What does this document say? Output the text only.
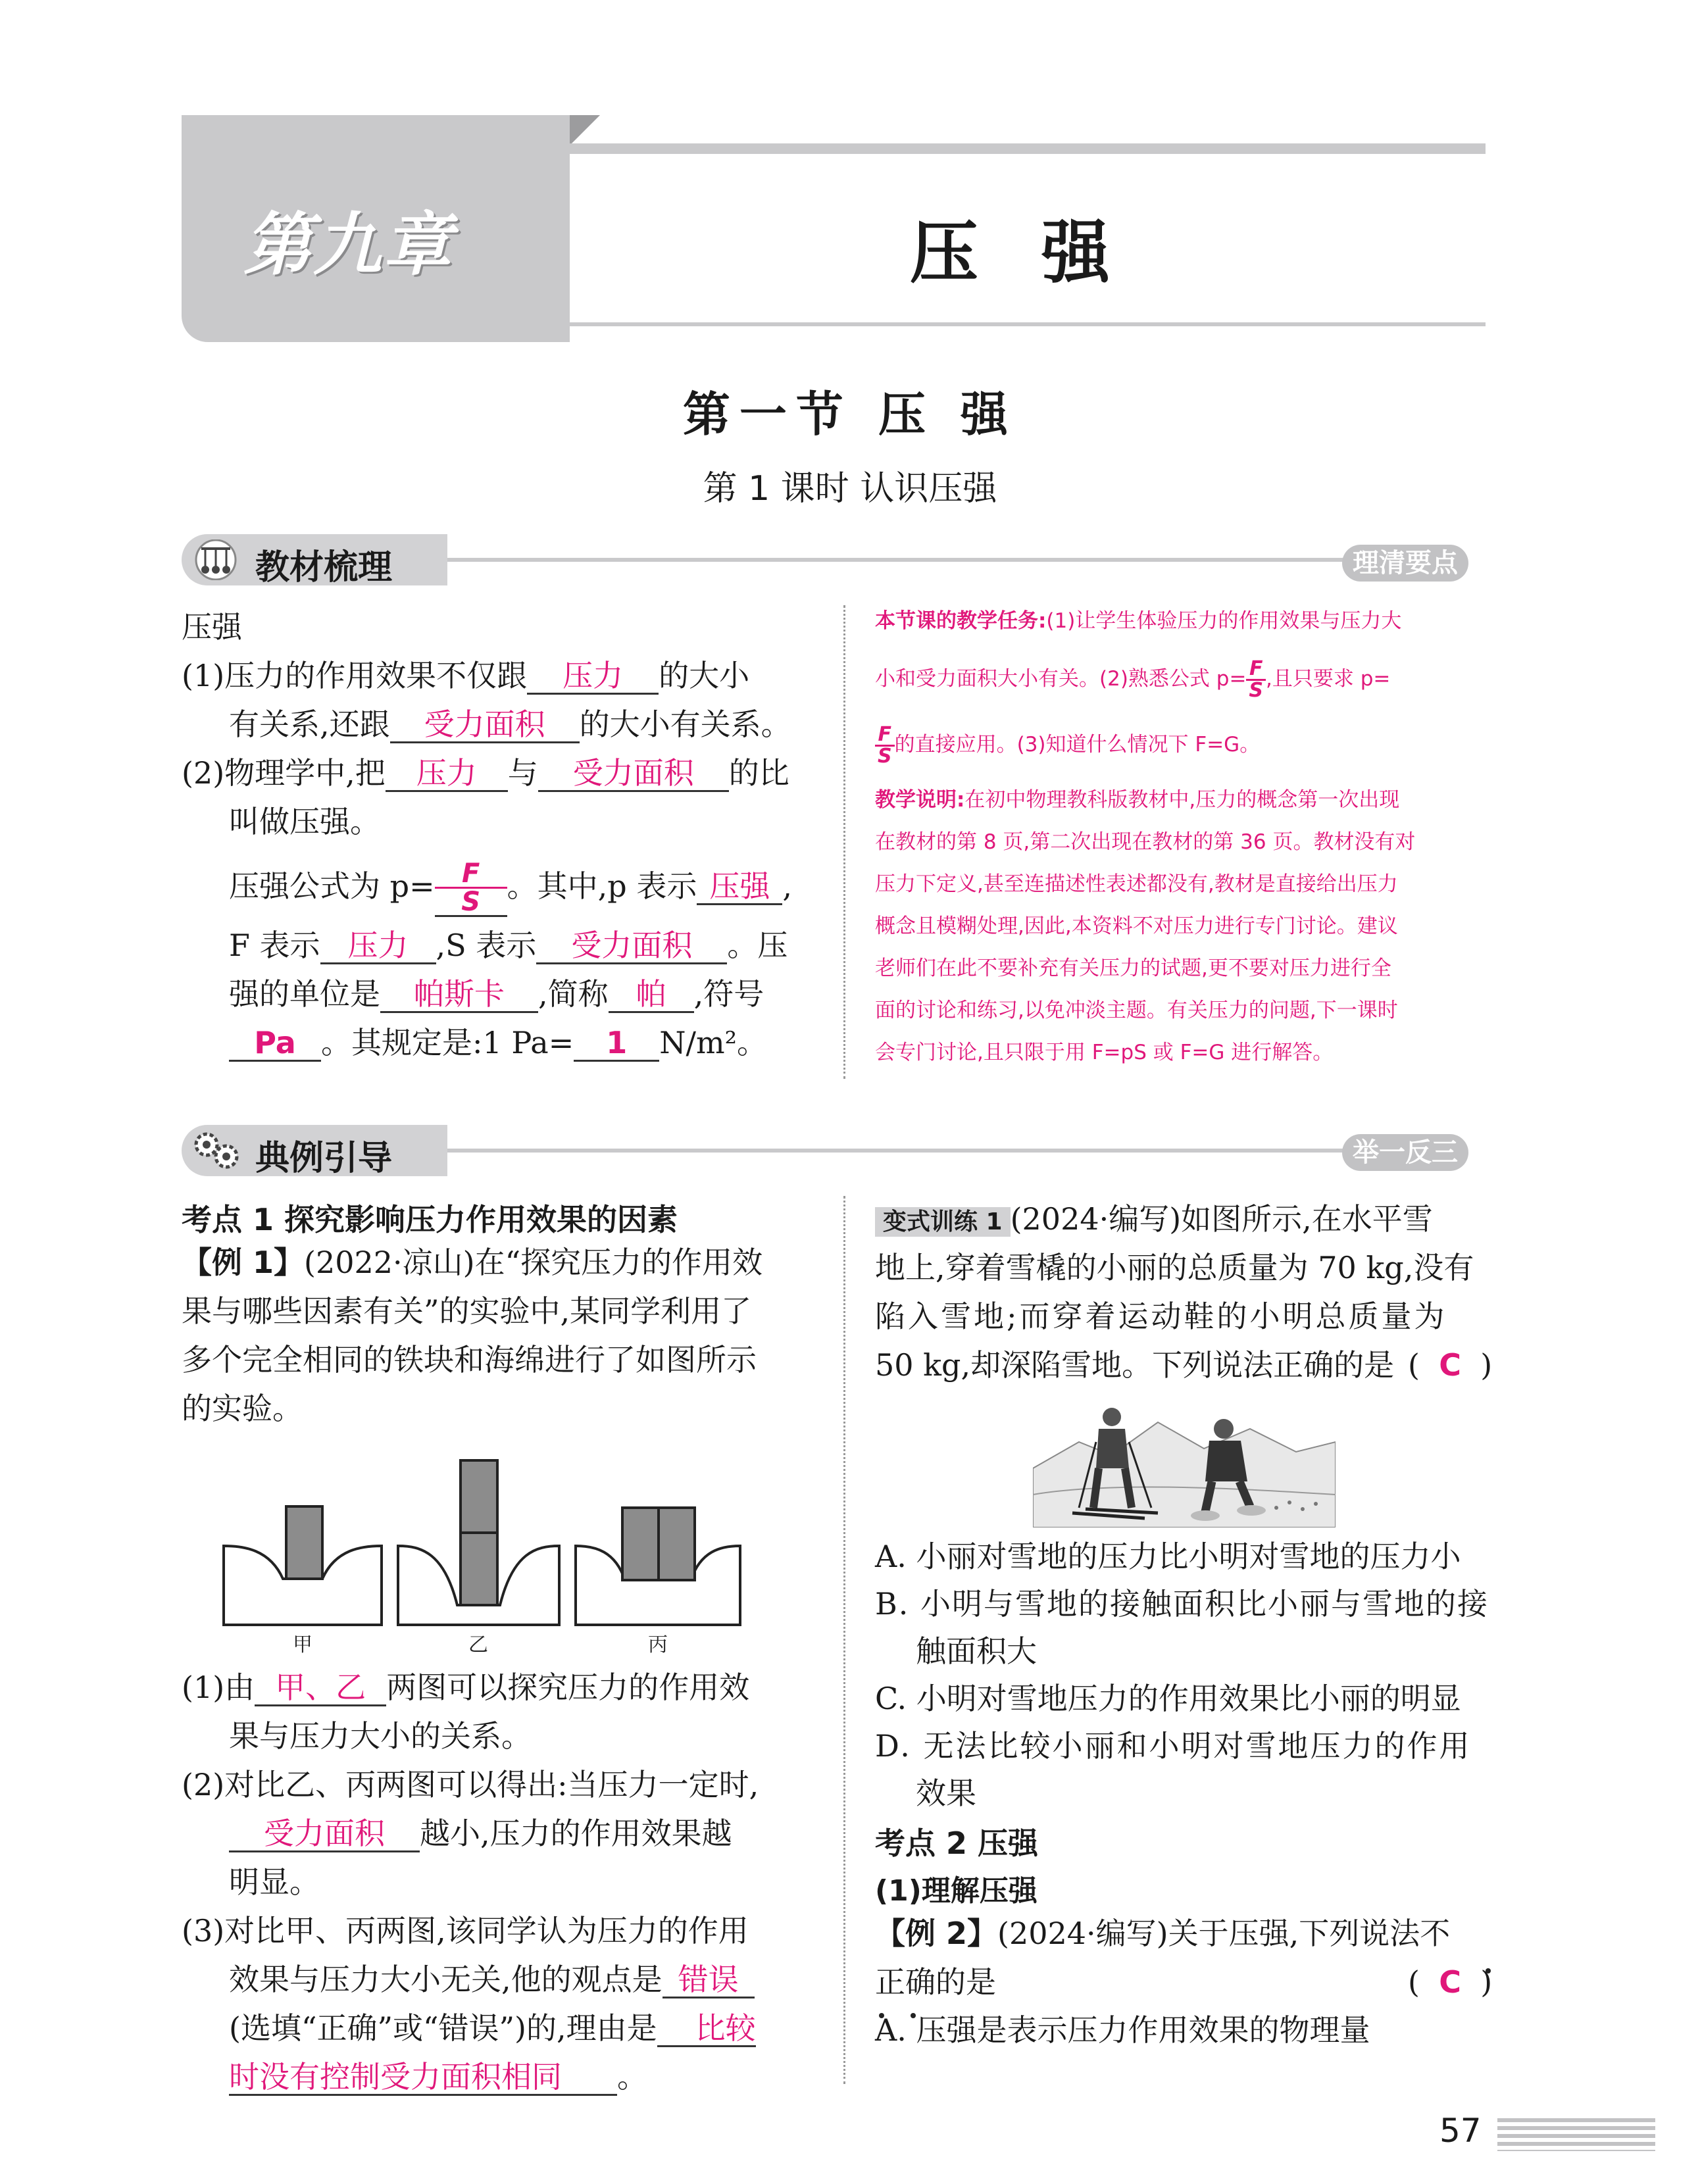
第九章	压 强
第一节 压 强
第 1 课时 认识压强
教材梳理	理清要点
压强
(1)压力的作用效果不仅跟 压力 的大小
有关系,还跟 受力面积 的大小有关系。
(2)物理学中,把 压力 与 受力面积 的比
叫做压强。
压强公式为 $p= \frac{F}{S}$ 。其中,p 表示 压强 ,
F 表示 压力 ,S 表示 受力面积 。压
强的单位是 帕斯卡 ,简称 帕 ,符号
Pa 。其规定是:1 Pa= 1 N/m²。
本节课的教学任务:(1)让学生体验压力的作用效果与压力大
小和受力面积大小有关。(2)熟悉公式 $p= \frac{F}{S}$ ,且只要求 p=
$\frac{F}{S}$ 的直接应用。(3)知道什么情况下 F=G。
教学说明:在初中物理教科版教材中,压力的概念第一次出现
在教材的第 8 页,第二次出现在教材的第 36 页。教材没有对
压力下定义,甚至连描述性表述都没有,教材是直接给出压力
概念且模糊处理,因此,本资料不对压力进行专门讨论。建议
老师们在此不要补充有关压力的试题,更不要对压力进行全
面的讨论和练习,以免冲淡主题。有关压力的问题,下一课时
会专门讨论,且只限于用 F=pS 或 F=G 进行解答。
典例引导	举一反三
考点 1 探究影响压力作用效果的因素
【例 1】(2022·凉山)在“探究压力的作用效
果与哪些因素有关”的实验中,某同学利用了
多个完全相同的铁块和海绵进行了如图所示
的实验。
甲	乙	丙
(1)由 甲、乙 两图可以探究压力的作用效
果与压力大小的关系。
(2)对比乙、丙两图可以得出:当压力一定时,
受力面积 越小,压力的作用效果越
明显。
(3)对比甲、丙两图,该同学认为压力的作用
效果与压力大小无关,他的观点是 错误
(选填“正确”或“错误”)的,理由是 比较
时没有控制受力面积相同 。
变式训练 1 (2024·编写)如图所示,在水平雪
地上,穿着雪橇的小丽的总质量为 70 kg,没有
陷入雪地;而穿着运动鞋的小明总质量为
50 kg,却深陷雪地。下列说法正确的是 (  C  )
A. 小丽对雪地的压力比小明对雪地的压力小
B. 小明与雪地的接触面积比小丽与雪地的接
触面积大
C. 小明对雪地压力的作用效果比小丽的明显
D. 无法比较小丽和小明对雪地压力的作用
效果
考点 2 压强
(1)理解压强
【例 2】(2024·编写)关于压强,下列说法不
正确的是	(  C  )
A. 压强是表示压力作用效果的物理量
57
